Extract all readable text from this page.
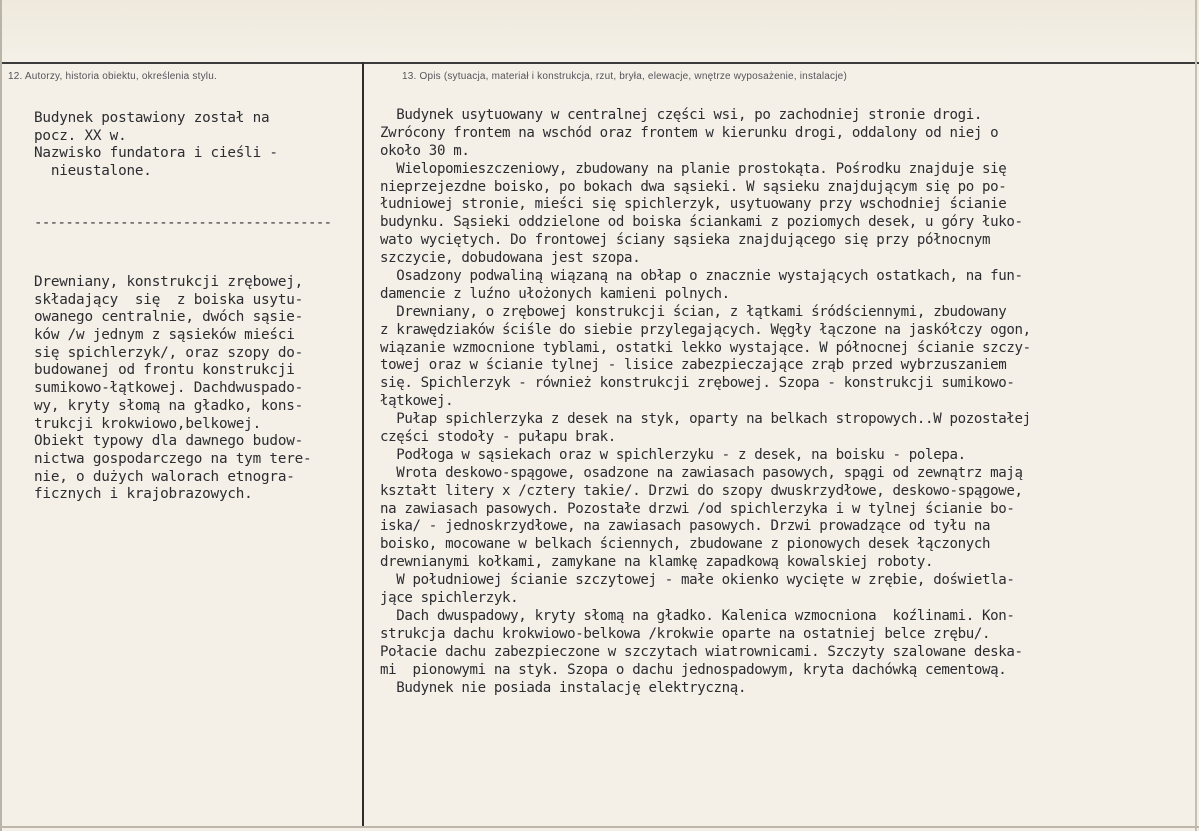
12. Autorzy, historia obiektu, określenia stylu.	13. Opis (sytuacja, materiał i konstrukcja, rzut, bryła, elewacje, wnętrze wyposażenie, instalacje)
Budynek postawiony został na
pocz. XX w.
Nazwisko fundatora i cieśli -
nieustalone.
--------------------------------------
Drewniany, konstrukcji zrębowej,
składający  się  z boiska usytu-
owanego centralnie, dwóch sąsie-
ków /w jednym z sąsieków mieści
się spichlerzyk/, oraz szopy do-
budowanej od frontu konstrukcji
sumikowo-łątkowej. Dachdwuspado-
wy, kryty słomą na gładko, kons-
trukcji krokwiowo,belkowej.
Obiekt typowy dla dawnego budow-
nictwa gospodarczego na tym tere-
nie, o dużych walorach etnogra-
ficznych i krajobrazowych.
Budynek usytuowany w centralnej części wsi, po zachodniej stronie drogi.
Zwrócony frontem na wschód oraz frontem w kierunku drogi, oddalony od niej o
około 30 m.
Wielopomieszczeniowy, zbudowany na planie prostokąta. Pośrodku znajduje się
nieprzejezdne boisko, po bokach dwa sąsieki. W sąsieku znajdującym się po po-
łudniowej stronie, mieści się spichlerzyk, usytuowany przy wschodniej ścianie
budynku. Sąsieki oddzielone od boiska ściankami z poziomych desek, u góry łuko-
wato wyciętych. Do frontowej ściany sąsieka znajdującego się przy północnym
szczycie, dobudowana jest szopa.
Osadzony podwaliną wiązaną na obłap o znacznie wystających ostatkach, na fun-
damencie z luźno ułożonych kamieni polnych.
Drewniany, o zrębowej konstrukcji ścian, z łątkami śródściennymi, zbudowany
z krawędziaków ściśle do siebie przylegających. Węgły łączone na jaskółczy ogon,
wiązanie wzmocnione tyblami, ostatki lekko wystające. W północnej ścianie szczy-
towej oraz w ścianie tylnej - lisice zabezpieczające zrąb przed wybrzuszaniem
się. Spichlerzyk - również konstrukcji zrębowej. Szopa - konstrukcji sumikowo-
łątkowej.
Pułap spichlerzyka z desek na styk, oparty na belkach stropowych..W pozostałej
części stodoły - pułapu brak.
Podłoga w sąsiekach oraz w spichlerzyku - z desek, na boisku - polepa.
Wrota deskowo-spągowe, osadzone na zawiasach pasowych, spągi od zewnątrz mają
kształt litery x /cztery takie/. Drzwi do szopy dwuskrzydłowe, deskowo-spągowe,
na zawiasach pasowych. Pozostałe drzwi /od spichlerzyka i w tylnej ścianie bo-
iska/ - jednoskrzydłowe, na zawiasach pasowych. Drzwi prowadzące od tyłu na
boisko, mocowane w belkach ściennych, zbudowane z pionowych desek łączonych
drewnianymi kołkami, zamykane na klamkę zapadkową kowalskiej roboty.
W południowej ścianie szczytowej - małe okienko wycięte w zrębie, doświetla-
jące spichlerzyk.
Dach dwuspadowy, kryty słomą na gładko. Kalenica wzmocniona  koźlinami. Kon-
strukcja dachu krokwiowo-belkowa /krokwie oparte na ostatniej belce zrębu/.
Połacie dachu zabezpieczone w szczytach wiatrownicami. Szczyty szalowane deska-
mi  pionowymi na styk. Szopa o dachu jednospadowym, kryta dachówką cementową.
Budynek nie posiada instalację elektryczną.
